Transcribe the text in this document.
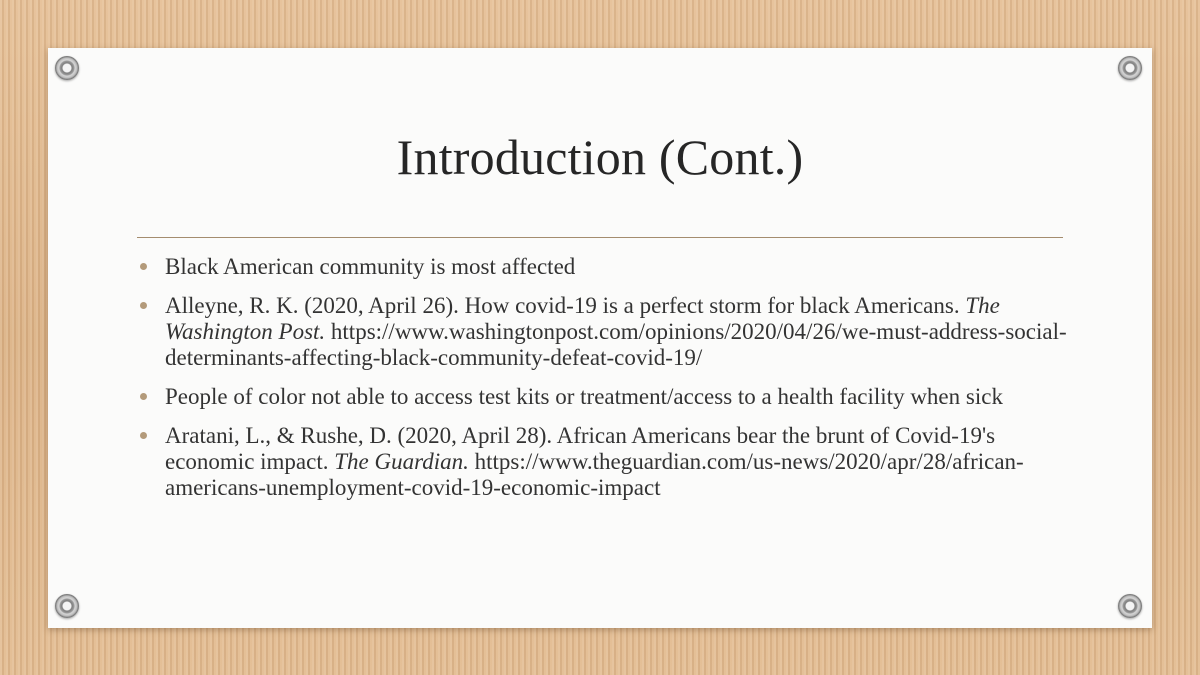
Introduction (Cont.)
Black American community is most affected
Alleyne, R. K. (2020, April 26). How covid-19 is a perfect storm for black Americans. The Washington Post. https://www.washingtonpost.com/opinions/2020/04/26/we-must-address-social-determinants-affecting-black-community-defeat-covid-19/
People of color not able to access test kits or treatment/access to a health facility when sick
Aratani, L., & Rushe, D. (2020, April 28). African Americans bear the brunt of Covid-19's economic impact. The Guardian. https://www.theguardian.com/us-news/2020/apr/28/african-americans-unemployment-covid-19-economic-impact
